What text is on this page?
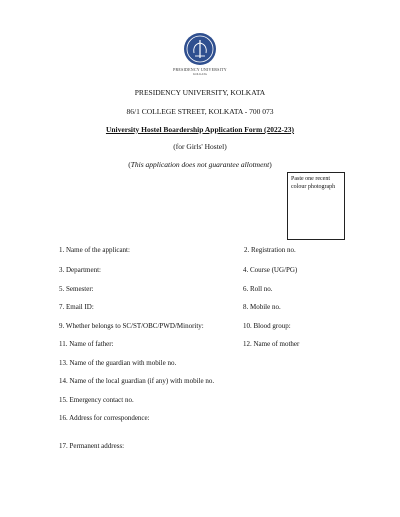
PRESIDENCY UNIVERSITY
KOLKATA
PRESIDENCY UNIVERSITY, KOLKATA
86/1 COLLEGE STREET, KOLKATA - 700 073
University Hostel Boardership Application Form (2022-23)
(for Girls' Hostel)
(This application does not guarantee allotment)
Paste one recent colour photograph
1. Name of the applicant:	2. Registration no.
3. Department:	4. Course (UG/PG)
5. Semester:	6. Roll no.
7. Email ID:	8. Mobile no.
9. Whether belongs to SC/ST/OBC/PWD/Minority:	10. Blood group:
11. Name of father:	12. Name of mother
13. Name of the guardian with mobile no.
14. Name of the local guardian (if any) with mobile no.
15. Emergency contact no.
16. Address for correspondence:
17. Permanent address:
